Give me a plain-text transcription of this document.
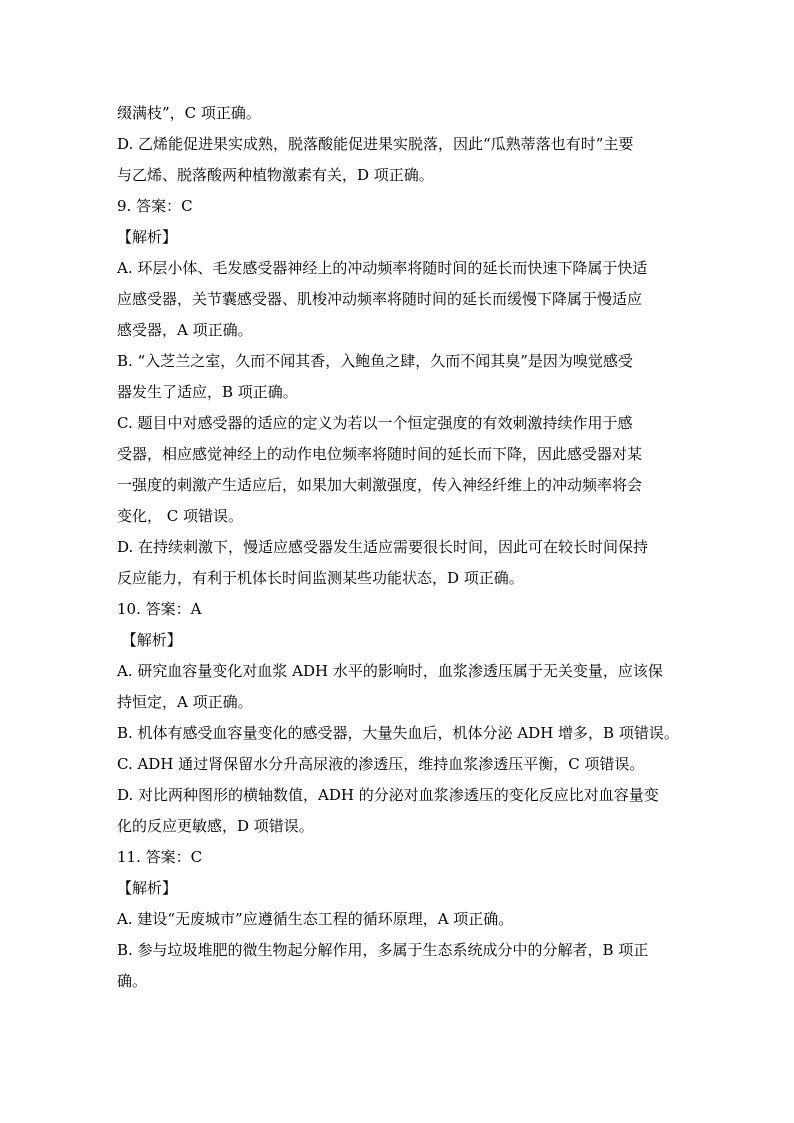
缀满枝”，C 项正确。
D. 乙烯能促进果实成熟，脱落酸能促进果实脱落，因此“瓜熟蒂落也有时”主要
与乙烯、脱落酸两种植物激素有关，D 项正确。
9. 答案：C
【解析】
A. 环层小体、毛发感受器神经上的冲动频率将随时间的延长而快速下降属于快适
应感受器，关节囊感受器、肌梭冲动频率将随时间的延长而缓慢下降属于慢适应
感受器，A 项正确。
B. “入芝兰之室，久而不闻其香，入鲍鱼之肆，久而不闻其臭”是因为嗅觉感受
器发生了适应，B 项正确。
C. 题目中对感受器的适应的定义为若以一个恒定强度的有效刺激持续作用于感
受器，相应感觉神经上的动作电位频率将随时间的延长而下降，因此感受器对某
一强度的刺激产生适应后，如果加大刺激强度，传入神经纤维上的冲动频率将会
变化， C 项错误。
D. 在持续刺激下，慢适应感受器发生适应需要很长时间，因此可在较长时间保持
反应能力，有利于机体长时间监测某些功能状态，D 项正确。
10. 答案：A
【解析】
A. 研究血容量变化对血浆 ADH 水平的影响时，血浆渗透压属于无关变量，应该保
持恒定，A 项正确。
B. 机体有感受血容量变化的感受器，大量失血后，机体分泌 ADH 增多，B 项错误。
C. ADH 通过肾保留水分升高尿液的渗透压，维持血浆渗透压平衡，C 项错误。
D. 对比两种图形的横轴数值，ADH 的分泌对血浆渗透压的变化反应比对血容量变
化的反应更敏感，D 项错误。
11. 答案：C
【解析】
A. 建设“无废城市”应遵循生态工程的循环原理，A 项正确。
B. 参与垃圾堆肥的微生物起分解作用，多属于生态系统成分中的分解者，B 项正
确。
